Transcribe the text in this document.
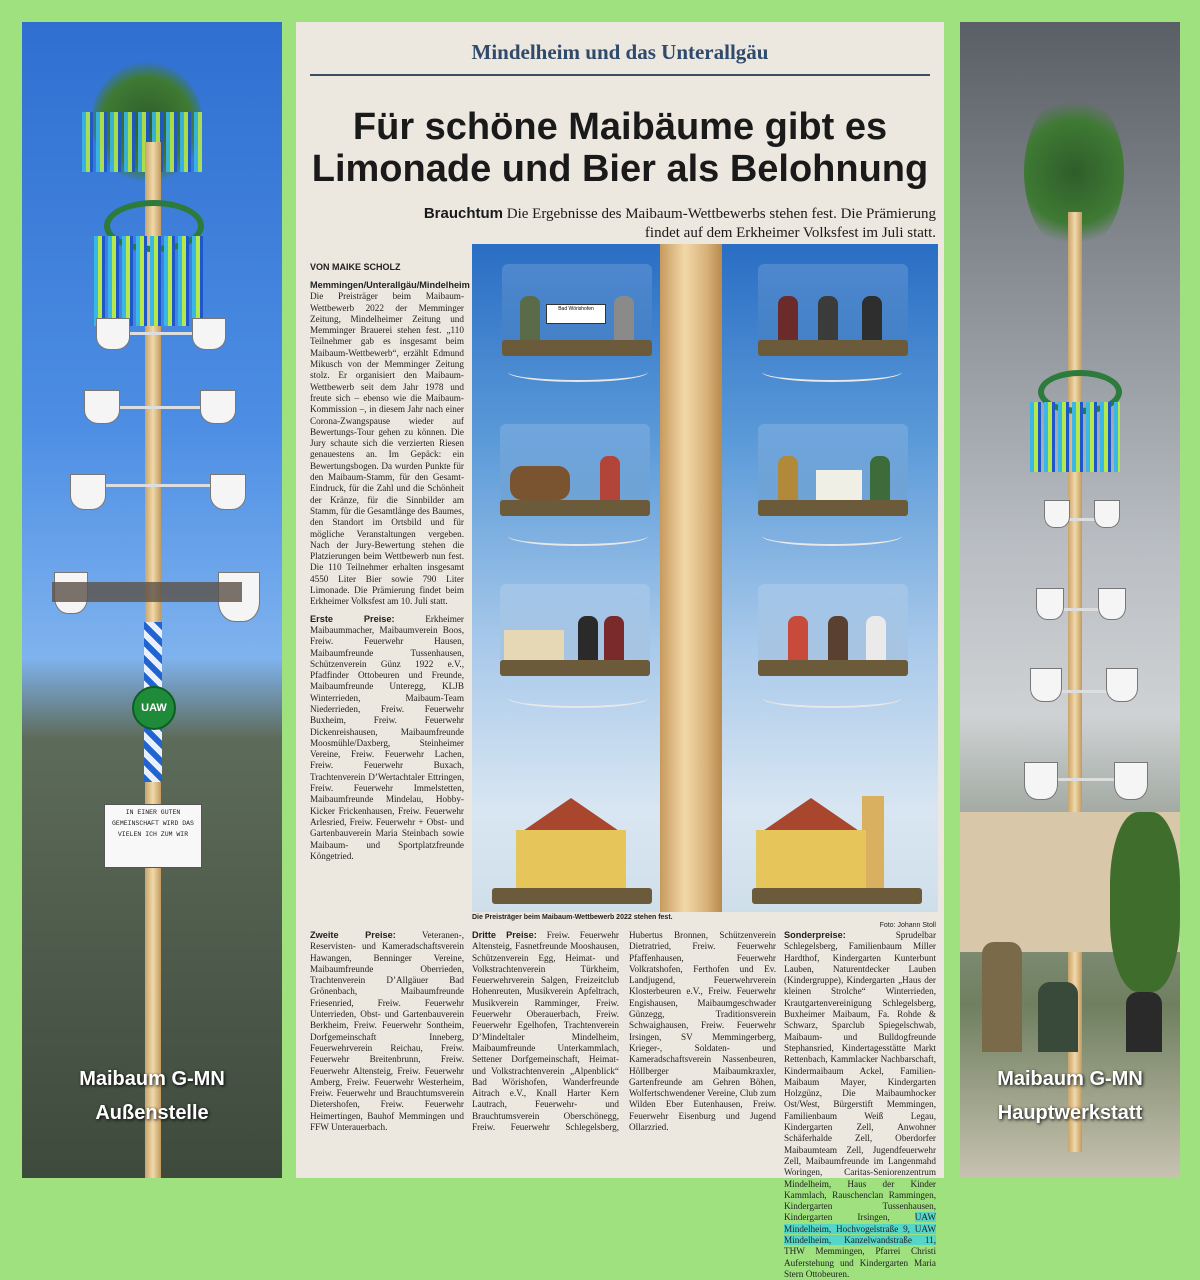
UAW
IN EINER GUTEN GEMEINSCHAFT WIRD DAS VIELEN ICH ZUM WIR
Maibaum G-MN
Außenstelle
Mindelheim und das Unterallgäu
Für schöne Maibäume gibt es
Limonade und Bier als Belohnung
Brauchtum Die Ergebnisse des Maibaum-Wettbewerbs stehen fest. Die Prämierung findet auf dem Erkheimer Volksfest im Juli statt.
VON MAIKE SCHOLZ

Memmingen/Unterallgäu/Mindelheim Die Preisträger beim Maibaum-Wettbewerb 2022 der Memminger Zeitung, Mindelheimer Zeitung und Memminger Brauerei stehen fest. „110 Teilnehmer gab es insgesamt beim Maibaum-Wettbewerb“, erzählt Edmund Mikusch von der Memminger Zeitung stolz. Er organisiert den Maibaum-Wettbewerb seit dem Jahr 1978 und freute sich – ebenso wie die Maibaum-Kommission –, in diesem Jahr nach einer Corona-Zwangspause wieder auf Bewertungs-Tour gehen zu können. Die Jury schaute sich die verzierten Riesen genauestens an. Im Gepäck: ein Bewertungsbogen. Da wurden Punkte für den Maibaum-Stamm, für den Gesamt-Eindruck, für die Zahl und die Schönheit der Kränze, für die Sinnbilder am Stamm, für die Gesamtlänge des Baumes, den Standort im Ortsbild und für mögliche Veranstaltungen vergeben. Nach der Jury-Bewertung stehen die Platzierungen beim Wettbewerb nun fest. Die 110 Teilnehmer erhalten insgesamt 4550 Liter Bier sowie 790 Liter Limonade. Die Prämierung findet beim Erkheimer Volksfest am 10. Juli statt.

Erste Preise:	Erkheimer Maibaummacher, Maibaumverein Boos, Freiw. Feuerwehr Hausen, Maibaumfreunde Tussenhausen, Schützenverein Günz 1922 e.V., Pfadfinder Ottobeuren und Freunde, Maibaumfreunde Unteregg, KLJB Winterrieden, Maibaum-Team Niederrieden, Freiw. Feuerwehr Buxheim, Freiw. Feuerwehr Dickenreishausen, Maibaumfreunde Moosmühle/Daxberg, Steinheimer Vereine, Freiw. Feuerwehr Lachen, Freiw. Feuerwehr Buxach, Trachtenverein D’Wertachtaler Ettringen, Freiw. Feuerwehr Immelstetten, Maibaumfreunde Mindelau, Hobby-Kicker Frickenhausen, Freiw. Feuerwehr Arlesried, Freiw. Feuerwehr + Obst- und Gartenbauverein Maria Steinbach sowie Maibaum- und Sportplatzfreunde Köngetried.

Bad Wörishofen
Die Preisträger beim Maibaum-Wettbewerb 2022 stehen fest.
Foto: Johann Stoll

Zweite Preise:	Veteranen-, Reservisten- und Kameradschaftsverein Hawangen, Benninger Vereine, Maibaumfreunde Oberrieden, Trachtenverein D’Allgäuer Bad Grönenbach, Maibaumfreunde Friesenried, Freiw. Feuerwehr Unterrieden, Obst- und Gartenbauverein Berkheim, Freiw. Feuerwehr Sontheim, Dorfgemeinschaft Inneberg, Feuerwehrverein Reichau, Freiw. Feuerwehr Breitenbrunn, Freiw. Feuerwehr Altensteig, Freiw. Feuerwehr Amberg, Freiw. Feuerwehr Westerheim, Freiw. Feuerwehr und Brauchtumsverein Dietershofen, Freiw. Feuerwehr Heimertingen, Bauhof Memmingen und FFW Unterauerbach.

Dritte Preise: Freiw. Feuerwehr Altensteig, Fasnetfreunde Mooshausen, Schützenverein Egg, Heimat- und Volkstrachtenverein Türkheim, Feuerwehrverein Salgen, Freizeitclub Hohenreuten, Musikverein Apfeltrach, Musikverein Ramminger, Freiw. Feuerwehr Oberauerbach, Freiw. Feuerwehr Egelhofen, Trachtenverein D’Mindeltaler Mindelheim, Maibaumfreunde Unterkammlach, Settener Dorfgemeinschaft, Heimat- und Volkstrachtenverein „Alpenblick“ Bad Wörishofen, Wanderfreunde Aitrach e.V., Knall Harter Kern Lautrach, Feuerwehr- und Brauchtumsverein Oberschönegg, Freiw. Feuerwehr Schlegelsberg, Hubertus Bronnen, Schützenverein Dietratried, Freiw. Feuerwehr Pfaffenhausen, Feuerwehr Volkratshofen, Ferthofen und Ev. Landjugend, Feuerwehrverein Klosterbeuren e.V., Freiw. Feuerwehr Engishausen, Maibaumgeschwader Günzegg, Traditionsverein Schwaighausen, Freiw. Feuerwehr Irsingen, SV Memmingerberg, Krieger-, Soldaten- und Kameradschaftsverein Nassenbeuren, Höllberger Maibaumkraxler, Gartenfreunde am Gehren Böhen, Wolfertschwendener Vereine, Club zum Wilden Eber Eutenhausen, Freiw. Feuerwehr Eisenburg und Jugend Ollarzried.

Sonderpreise:	Sprudelbar Schlegelsberg, Familienbaum Miller Hardthof, Kindergarten Kunterbunt Lauben, Naturentdecker Lauben (Kindergruppe), Kindergarten „Haus der kleinen Strolche“ Winterrieden, Krautgartenvereinigung Schlegelsberg, Buxheimer Maibaum, Fa. Rohde & Schwarz, Sparclub Spiegelschwab, Maibaum- und Bulldogfreunde Stephansried, Kindertagesstätte Markt Rettenbach, Kammlacker Nachbarschaft, Kindermaibaum Ackel, Familien-Maibaum Mayer, Kindergarten Holzgünz, Die Maibaumhocker Ost/West, Bürgerstift Memmingen, Familienbaum Weiß Legau, Kindergarten Zell, Anwohner Schäferhalde Zell, Oberdorfer Maibaumteam Zell, Jugendfeuerwehr Zell, Maibaumfreunde im Langenmahd Woringen, Caritas-Seniorenzentrum Mindelheim, Haus der Kinder Kammlach, Rauschenclan Rammingen, Kindergarten Tussenhausen, Kindergarten Irsingen,	UAW Mindelheim, Hochvogelstraße 9, UAW Mindelheim, Kanzelwandstraße 11, THW Memmingen, Pfarrei Christi Auferstehung und Kindergarten Maria Stern Ottobeuren.

Maibaum G-MN
Hauptwerkstatt
